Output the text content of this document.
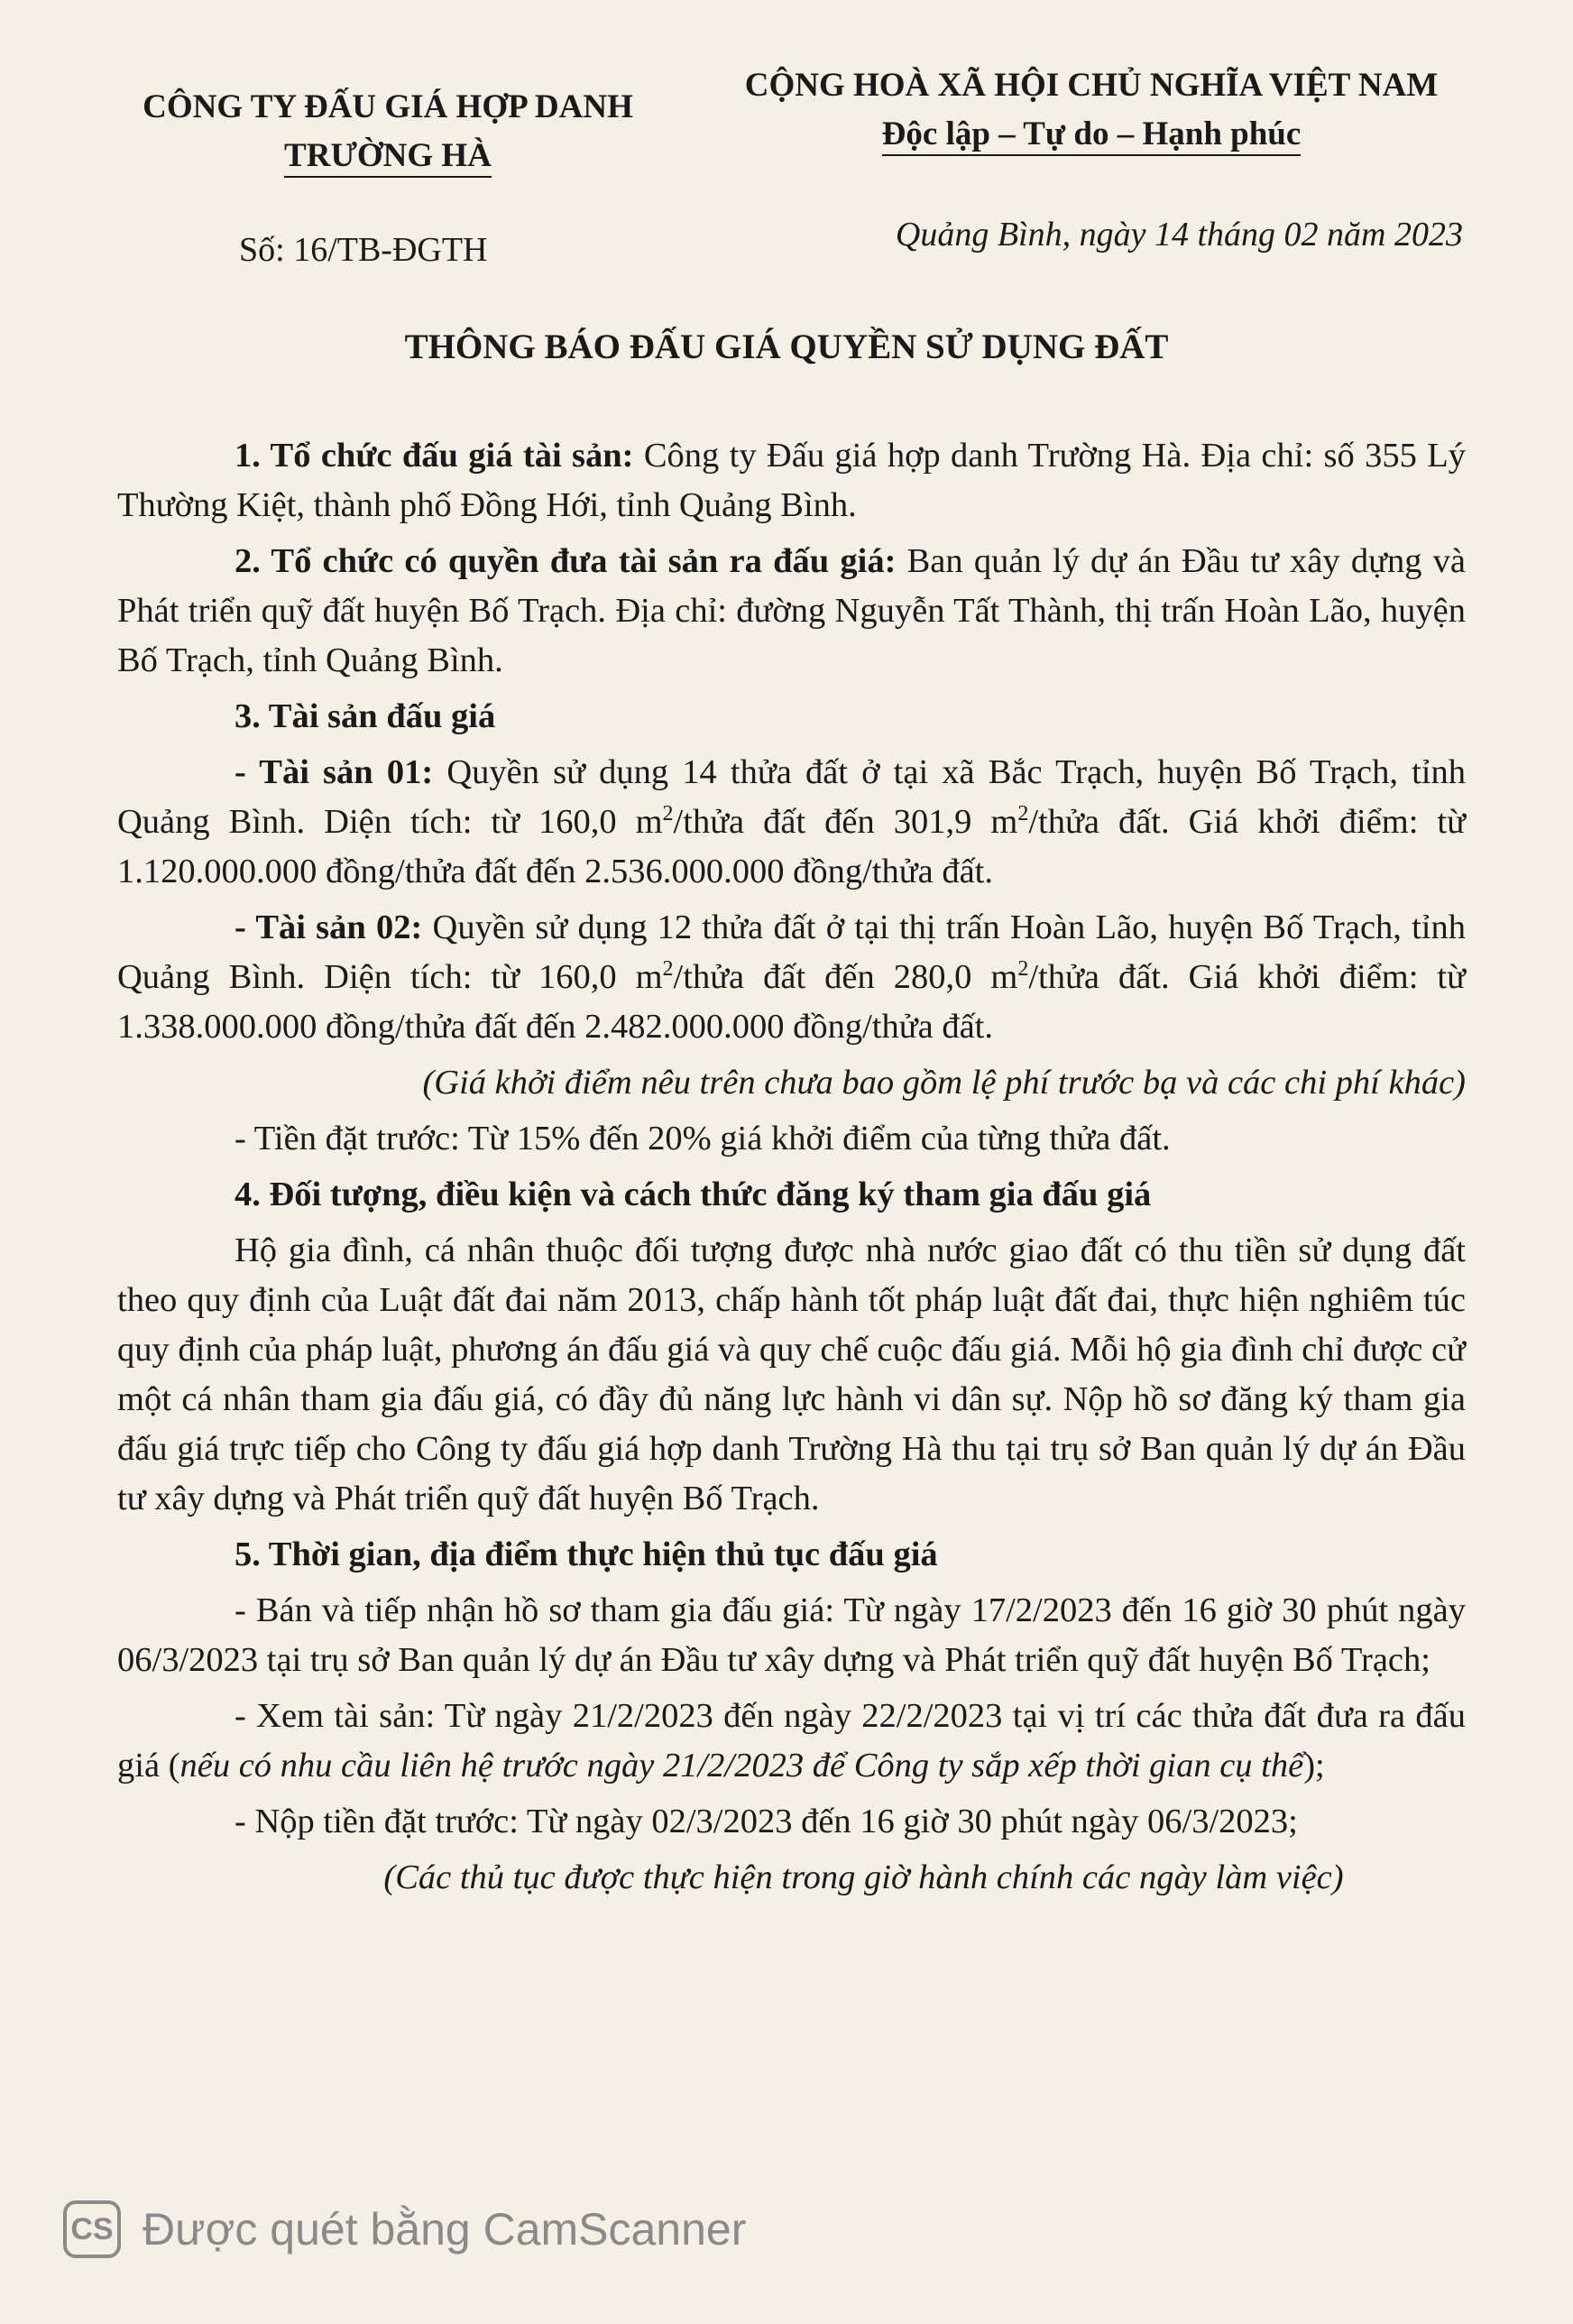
CÔNG TY ĐẤU GIÁ HỢP DANH
TRƯỜNG HÀ
CỘNG HOÀ XÃ HỘI CHỦ NGHĨA VIỆT NAM
Độc lập – Tự do – Hạnh phúc
Số: 16/TB-ĐGTH	Quảng Bình, ngày 14 tháng 02 năm 2023
THÔNG BÁO ĐẤU GIÁ QUYỀN SỬ DỤNG ĐẤT

1. Tổ chức đấu giá tài sản: Công ty Đấu giá hợp danh Trường Hà. Địa chỉ: số 355 Lý Thường Kiệt, thành phố Đồng Hới, tỉnh Quảng Bình.

2. Tổ chức có quyền đưa tài sản ra đấu giá: Ban quản lý dự án Đầu tư xây dựng và Phát triển quỹ đất huyện Bố Trạch. Địa chỉ: đường Nguyễn Tất Thành, thị trấn Hoàn Lão, huyện Bố Trạch, tỉnh Quảng Bình.

3. Tài sản đấu giá

- Tài sản 01: Quyền sử dụng 14 thửa đất ở tại xã Bắc Trạch, huyện Bố Trạch, tỉnh Quảng Bình. Diện tích: từ 160,0 $m^2$/thửa đất đến 301,9 $m^2$/thửa đất. Giá khởi điểm: từ 1.120.000.000 đồng/thửa đất đến 2.536.000.000 đồng/thửa đất.

- Tài sản 02: Quyền sử dụng 12 thửa đất ở tại thị trấn Hoàn Lão, huyện Bố Trạch, tỉnh Quảng Bình. Diện tích: từ 160,0 $m^2$/thửa đất đến 280,0 $m^2$/thửa đất. Giá khởi điểm: từ 1.338.000.000 đồng/thửa đất đến 2.482.000.000 đồng/thửa đất.

(Giá khởi điểm nêu trên chưa bao gồm lệ phí trước bạ và các chi phí khác)

- Tiền đặt trước: Từ 15% đến 20% giá khởi điểm của từng thửa đất.

4. Đối tượng, điều kiện và cách thức đăng ký tham gia đấu giá

Hộ gia đình, cá nhân thuộc đối tượng được nhà nước giao đất có thu tiền sử dụng đất theo quy định của Luật đất đai năm 2013, chấp hành tốt pháp luật đất đai, thực hiện nghiêm túc quy định của pháp luật, phương án đấu giá và quy chế cuộc đấu giá. Mỗi hộ gia đình chỉ được cử một cá nhân tham gia đấu giá, có đầy đủ năng lực hành vi dân sự. Nộp hồ sơ đăng ký tham gia đấu giá trực tiếp cho Công ty đấu giá hợp danh Trường Hà thu tại trụ sở Ban quản lý dự án Đầu tư xây dựng và Phát triển quỹ đất huyện Bố Trạch.

5. Thời gian, địa điểm thực hiện thủ tục đấu giá

- Bán và tiếp nhận hồ sơ tham gia đấu giá: Từ ngày 17/2/2023 đến 16 giờ 30 phút ngày 06/3/2023 tại trụ sở Ban quản lý dự án Đầu tư xây dựng và Phát triển quỹ đất huyện Bố Trạch;

- Xem tài sản: Từ ngày 21/2/2023 đến ngày 22/2/2023 tại vị trí các thửa đất đưa ra đấu giá (nếu có nhu cầu liên hệ trước ngày 21/2/2023 để Công ty sắp xếp thời gian cụ thể);

- Nộp tiền đặt trước: Từ ngày 02/3/2023 đến 16 giờ 30 phút ngày 06/3/2023;

(Các thủ tục được thực hiện trong giờ hành chính các ngày làm việc)

CS Được quét bằng CamScanner
